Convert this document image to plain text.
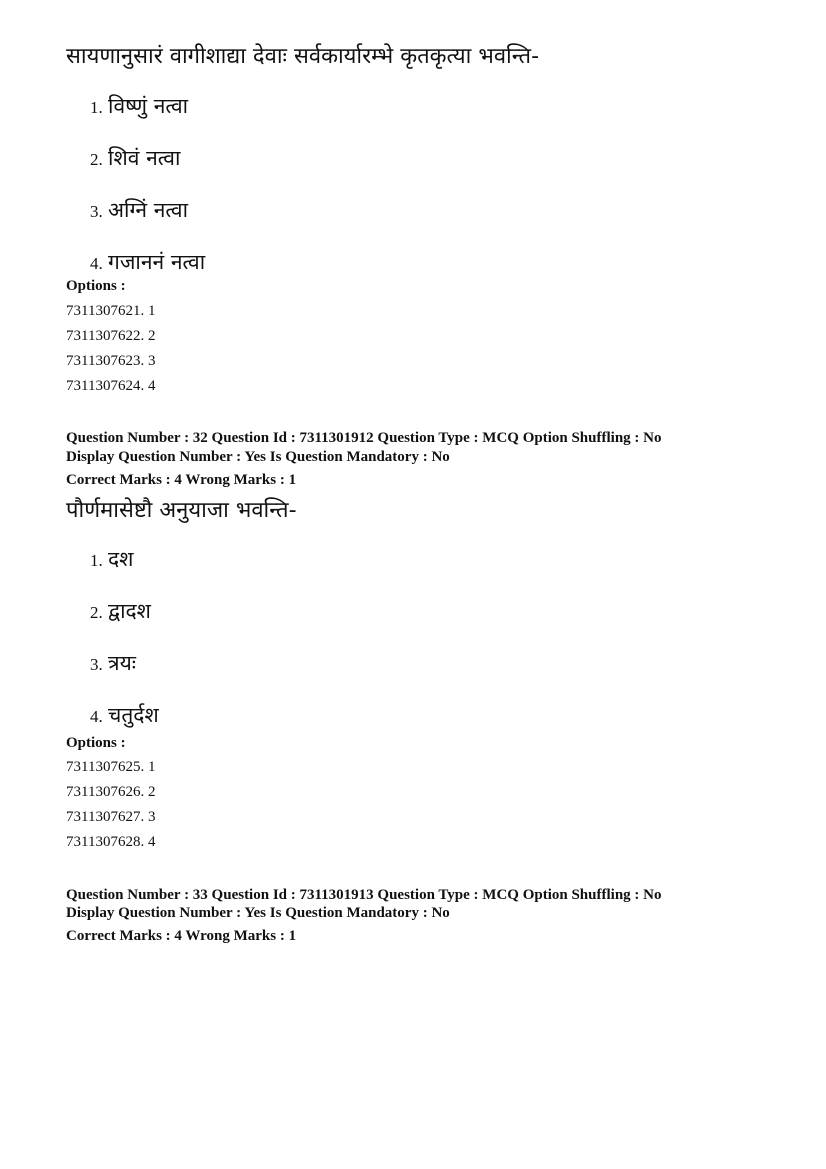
सायणानुसारं वागीशाद्या देवाः सर्वकार्यारम्भे कृतकृत्या भवन्ति-
1. विष्णुं नत्वा
2. शिवं नत्वा
3. अग्निं नत्वा
4. गजाननं नत्वा
Options :
7311307621. 1
7311307622. 2
7311307623. 3
7311307624. 4
Question Number : 32 Question Id : 7311301912 Question Type : MCQ Option Shuffling : No
Display Question Number : Yes Is Question Mandatory : No
Correct Marks : 4 Wrong Marks : 1
पौर्णमासेष्टौ अनुयाजा भवन्ति-
1. दश
2. द्वादश
3. त्रयः
4. चतुर्दश
Options :
7311307625. 1
7311307626. 2
7311307627. 3
7311307628. 4
Question Number : 33 Question Id : 7311301913 Question Type : MCQ Option Shuffling : No
Display Question Number : Yes Is Question Mandatory : No
Correct Marks : 4 Wrong Marks : 1
